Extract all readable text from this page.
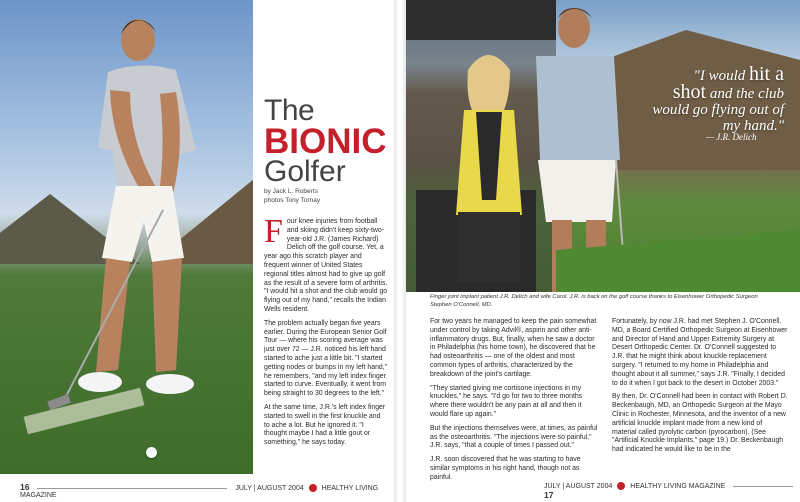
The
BIONIC
Golfer
by Jack L. Roberts
photos Tony Tornay

Four knee injuries from football and skiing didn't keep sixty-two-year-old J.R. (James Richard) Delich off the golf course. Yet, a year ago this scratch player and frequent winner of United States regional titles almost had to give up golf as the result of a severe form of arthritis. "I would hit a shot and the club would go flying out of my hand," recalls the Indian Wells resident.

The problem actually began five years earlier. During the European Senior Golf Tour — where his scoring average was just over 72 — J.R. noticed his left hand started to ache just a little bit. "I started getting nodes or bumps in my left hand," he remembers, "and my left index finger started to curve. Eventually, it went from being straight to 30 degrees to the left."

At the same time, J.R.'s left index finger started to swell in the first knuckle and to ache a lot. But he ignored it. "I thought maybe I had a little gout or something," he says today.

16	JULY | AUGUST 2004	HEALTHY LIVING MAGAZINE
"I would hit a
shot and the club would go flying out of my hand."
— J.R. Delich
Finger joint implant patient J.R. Delich and wife Carol. J.R. is back on the golf course thanks to Eisenhower Orthopedic Surgeon Stephen O'Connell, MD.

For two years he managed to keep the pain somewhat under control by taking Advil®, aspirin and other anti-inflammatory drugs. But, finally, when he saw a doctor in Philadelphia (his home town), he discovered that he had osteoarthritis — one of the oldest and most common types of arthritis, characterized by the breakdown of the joint's cartilage.

"They started giving me cortisone injections in my knuckles," he says. "I'd go for two to three months where there wouldn't be any pain at all and then it would flare up again."

But the injections themselves were, at times, as painful as the osteoarthritis. "The injections were so painful," J.R. says, "that a couple of times I passed out."

J.R. soon discovered that he was starting to have similar symptoms in his right hand, though not as painful.

Fortunately, by now J.R. had met Stephen J. O'Connell, MD, a Board Certified Orthopedic Surgeon at Eisenhower and Director of Hand and Upper Extremity Surgery at Desert Orthopedic Center. Dr. O'Connell suggested to J.R. that he might think about knuckle replacement surgery. "I returned to my home in Philadelphia and thought about it all summer," says J.R. "Finally, I decided to do it when I got back to the desert in October 2003."

By then, Dr. O'Connell had been in contact with Robert D. Beckenbaugh, MD, an Orthopedic Surgeon at the Mayo Clinic in Rochester, Minnesota, and the inventor of a new artificial knuckle implant made from a new kind of material called pyrolytic carbon (pyrocarbon). (See "Artificial Knuckle Implants," page 19.) Dr. Beckenbaugh had indicated he would like to be in the

JULY | AUGUST 2004	HEALTHY LIVING MAGAZINE  17
